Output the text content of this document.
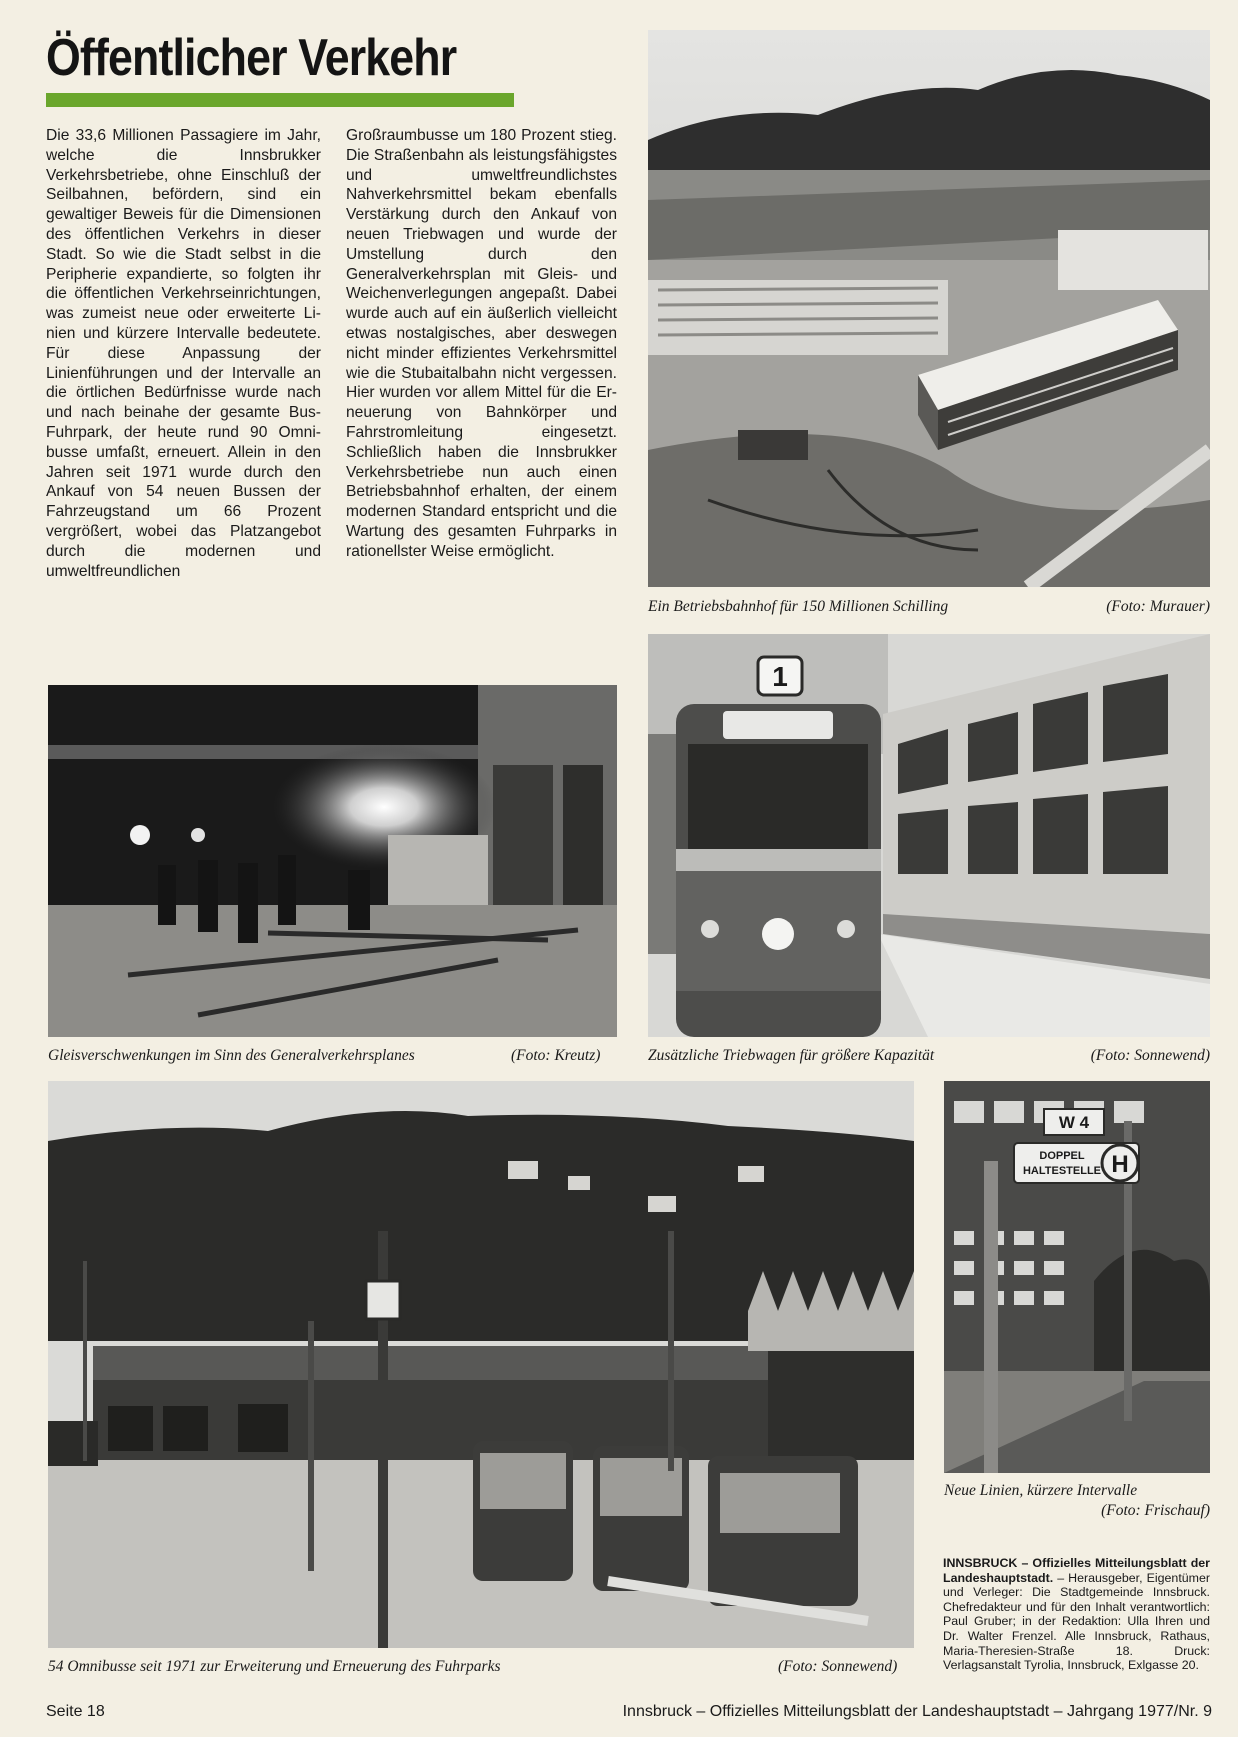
Öffentlicher Verkehr
Die 33,6 Millionen Passagiere im Jahr, welche die Innsbrukker Verkehrsbetriebe, ohne Einschluß der Seilbahnen, befördern, sind ein gewaltiger Beweis für die Dimensionen des öffentlichen Verkehrs in dieser Stadt. So wie die Stadt selbst in die Peripherie expandierte, so folgten ihr die öffentlichen Verkehrseinrichtungen, was zumeist neue oder erweiterte Linien und kürzere Intervalle bedeutete. Für diese Anpassung der Linienführungen und der Intervalle an die örtlichen Bedürfnisse wurde nach und nach beinahe der gesamte Bus-Fuhrpark, der heute rund 90 Omnibusse umfaßt, erneuert. Allein in den Jahren seit 1971 wurde durch den Ankauf von 54 neuen Bussen der Fahrzeugstand um 66 Prozent vergrößert, wobei das Platzangebot durch die modernen und umweltfreundlichen
Großraumbusse um 180 Prozent stieg. Die Straßenbahn als leistungsfähigstes und umweltfreundlichstes Nahverkehrsmittel bekam ebenfalls Verstärkung durch den Ankauf von neuen Triebwagen und wurde der Umstellung durch den Generalverkehrsplan mit Gleis- und Weichenverlegungen angepaßt. Dabei wurde auch auf ein äußerlich vielleicht etwas nostalgisches, aber deswegen nicht minder effizientes Verkehrsmittel wie die Stubaitalbahn nicht vergessen. Hier wurden vor allem Mittel für die Erneuerung von Bahnkörper und Fahrstromleitung eingesetzt. Schließlich haben die Innsbrukker Verkehrsbetriebe nun auch einen Betriebsbahnhof erhalten, der einem modernen Standard entspricht und die Wartung des gesamten Fuhrparks in rationellster Weise ermöglicht.
Ein Betriebsbahnhof für 150 Millionen Schilling	(Foto: Murauer)
Gleisverschwenkungen im Sinn des Generalverkehrsplanes	(Foto: Kreutz)
1
Zusätzliche Triebwagen für größere Kapazität	(Foto: Sonnewend)
54 Omnibusse seit 1971 zur Erweiterung und Erneuerung des Fuhrparks	(Foto: Sonnewend)
W 4
DOPPEL
HALTESTELLE H
Neue Linien, kürzere Intervalle
(Foto: Frischauf)
INNSBRUCK – Offizielles Mitteilungsblatt der Landeshauptstadt. – Herausgeber, Eigentümer und Verleger: Die Stadtgemeinde Innsbruck. Chefredakteur und für den Inhalt verantwortlich: Paul Gruber; in der Redaktion: Ulla Ihren und Dr. Walter Frenzel. Alle Innsbruck, Rathaus, Maria-Theresien-Straße 18. Druck: Verlagsanstalt Tyrolia, Innsbruck, Exlgasse 20.
Seite 18	Innsbruck – Offizielles Mitteilungsblatt der Landeshauptstadt – Jahrgang 1977/Nr. 9
